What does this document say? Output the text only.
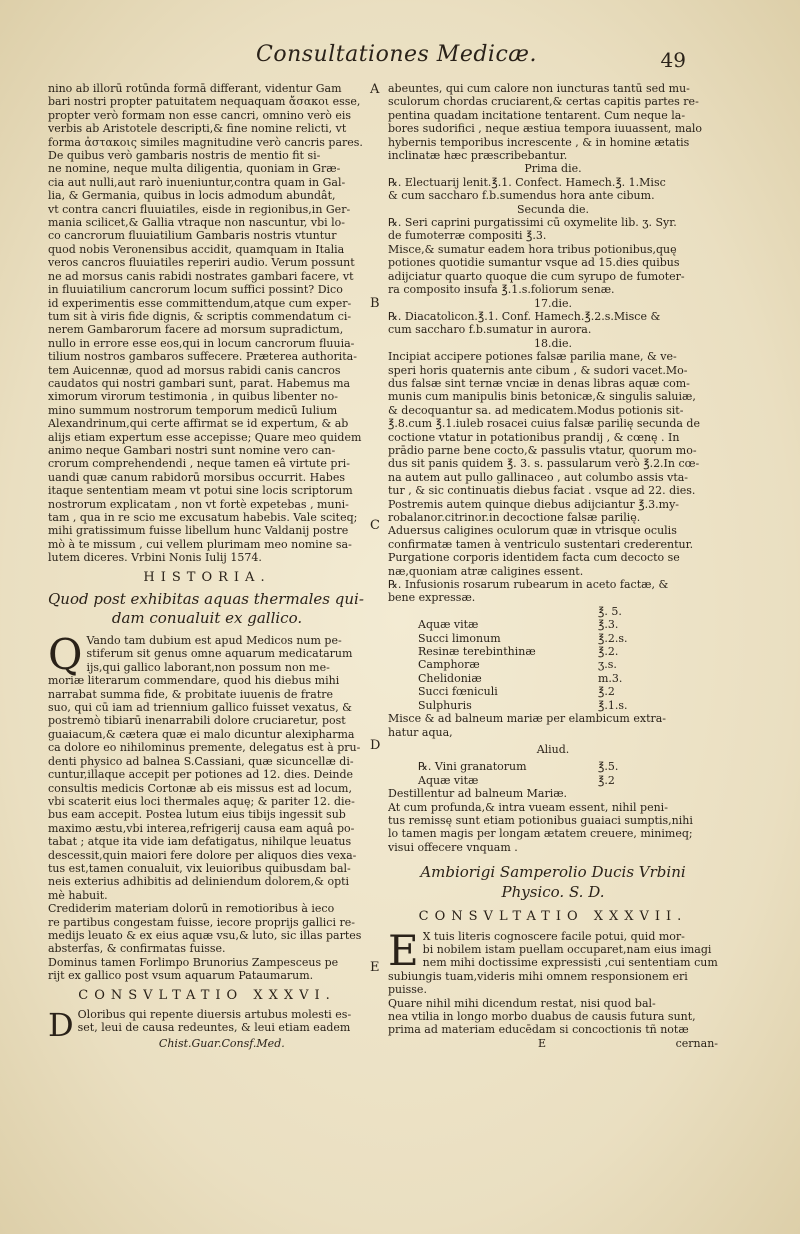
Consultationes Medicæ.	49
A
B
C
D
E
nino ab illorū rotūnda formā differant, videntur Gam
bari nostri propter patuitatem nequaquam ἄσακοι esse,
propter verò formam non esse cancri, omnino verò eis
verbis ab Aristotele descripti,& fine nomine relicti, vt
forma ἀστακοις similes magnitudine verò cancris pares.
De quibus verò gambaris nostris de mentio fit si-
ne nomine, neque multa diligentia, quoniam in Græ-
cia aut nulli,aut rarò inueniuntur,contra quam in Gal-
lia, & Germania, quibus in locis admodum abundât,
vt contra cancri fluuiatiles, eisde in regionibus,in Ger-
mania scilicet,& Gallia vtraque non nascuntur, vbi lo-
co cancrorum fluuiatilium Gambaris nostris vtuntur
quod nobis Veronensibus accidit, quamquam in Italia
veros cancros fluuiatiles reperiri audio. Verum possunt
ne ad morsus canis rabidi nostrates gambari facere, vt
in fluuiatilium cancrorum locum suffici possint? Dico
id experimentis esse committendum,atque cum exper-
tum sit à viris fide dignis, & scriptis commendatum ci-
nerem Gambarorum facere ad morsum supradictum,
nullo in errore esse eos,qui in locum cancrorum fluuia-
tilium nostros gambaros suffecere. Præterea authorita-
tem Auicennæ, quod ad morsus rabidi canis cancros
caudatos qui nostri gambari sunt, parat. Habemus ma
ximorum virorum testimonia , in quibus libenter no-
mino summum nostrorum temporum medicū Iulium
Alexandrinum,qui certe affirmat se id expertum, & ab
alijs etiam expertum esse accepisse; Quare meo quidem
animo neque Gambari nostri sunt nomine vero can-
crorum comprehendendi , neque tamen eâ virtute pri-
uandi quæ canum rabidorū morsibus occurrit. Habes
itaque sententiam meam vt potui sine locis scriptorum
nostrorum explicatam , non vt fortè expetebas , muni-
tam , qua in re scio me excusatum habebis. Vale sciteq;
mihi gratissimum fuisse libellum hunc Valdanij postre
mò à te missum , cui vellem plurimam meo nomine sa-
lutem diceres. Vrbini Nonis Iulij 1574.
HISTORIA.
Quod post exhibitas aquas thermales qui-
dam conualuit ex gallico.
Q Vando tam dubium est apud Medicos num pe-
stiferum sit genus omne aquarum medicatarum
ijs,qui gallico laborant,non possum non me-
moriæ literarum commendare, quod his diebus mihi
narrabat summa fide, & probitate iuuenis de fratre
suo, qui cū iam ad triennium gallico fuisset vexatus, &
postremò tibiarū inenarrabili dolore cruciaretur, post
guaiacum,& cætera quæ ei malo dicuntur alexipharma
ca dolore eo nihilominus premente, delegatus est à pru-
denti physico ad balnea S.Cassiani, quæ sicuncellæ di-
cuntur,illaque accepit per potiones ad 12. dies. Deinde
consultis medicis Cortonæ ab eis missus est ad locum,
vbi scaterit eius loci thermales aquę; & pariter 12. die-
bus eam accepit. Postea lutum eius tibijs ingessit sub
maximo æstu,vbi interea,refrigerij causa eam aquâ po-
tabat ; atque ita vide iam defatigatus, nihilque leuatus
descessit,quin maiori fere dolore per aliquos dies vexa-
tus est,tamen conualuit, vix leuioribus quibusdam bal-
neis exterius adhibitis ad deliniendum dolorem,& opti
mè habuit.
Crediderim materiam dolorū in remotioribus à ieco
re partibus congestam fuisse, iecore proprijs gallici re-
medijs leuato & ex eius aquæ vsu,& luto, sic illas partes
absterfas, & confirmatas fuisse.
Dominus tamen Forlimpo Brunorius Zampesceus pe
rijt ex gallico post vsum aquarum Pataumarum.
CONSVLTATIO XXXVI.
D Oloribus qui repente diuersis artubus molesti es-
set, leui de causa redeuntes, & leui etiam eadem
Chist.Guar.Consf.Med.
abeuntes, qui cum calore non iuncturas tantū sed mu-
sculorum chordas cruciarent,& certas capitis partes re-
pentina quadam incitatione tentarent. Cum neque la-
bores sudorifici , neque æstiua tempora iuuassent, malo
hybernis temporibus increscente , & in homine ætatis
inclinatæ hæc præscribebantur.
Prima die.
℞. Electuarij lenit.℥.1. Confect. Hamech.℥. 1.Misc
& cum saccharo f.b.sumendus hora ante cibum.
Secunda die.
℞. Seri caprini purgatissimi cū oxymelite lib. ʒ. Syr.
de fumoterræ compositi ℥.3.
Misce,& sumatur eadem hora tribus potionibus,quę
potiones quotidie sumantur vsque ad 15.dies quibus
adijciatur quarto quoque die cum syrupo de fumoter-
ra composito insufa ℥.1.s.foliorum senæ.
17.die.
℞. Diacatolicon.℥.1. Conf. Hamech.℥.2.s.Misce &
cum saccharo f.b.sumatur in aurora.
18.die.
Incipiat accipere potiones falsæ parilia mane, & ve-
speri horis quaternis ante cibum , & sudori vacet.Mo-
dus falsæ sint ternæ vnciæ in denas libras aquæ com-
munis cum manipulis binis betonicæ,& singulis saluiæ,
& decoquantur sa. ad medicatem.Modus potionis sit-
℥.8.cum ℥.1.iuleb rosacei cuius falsæ parilię secunda de
coctione vtatur in potationibus prandij , & cœnę . In
prādio parne bene cocto,& passulis vtatur, quorum mo-
dus sit panis quidem ℥. 3. s. passularum verò ℥.2.In cœ-
na autem aut pullo gallinaceo , aut columbo assis vta-
tur , & sic continuatis diebus faciat . vsque ad 22. dies.
Postremis autem quinque diebus adijciantur ℥.3.my-
robalanor.citrinor.in decoctione falsæ parilię.
Aduersus caligines oculorum quæ in vtrisque oculis
confirmatæ tamen à ventriculo sustentari crederentur.
Purgatione corporis identidem facta cum decocto se
næ,quoniam atræ caligines essent.
℞. Infusionis rosarum rubearum in aceto factæ, &
bene expressæ.
℥. 5.
Aquæ vitæ	℥.3.
Succi limonum	℥.2.s.
Resinæ terebinthinæ	℥.2.
Camphoræ	ʒ.s.
Chelidoniæ	m.3.
Succi fœniculi	℥.2
Sulphuris	℥.1.s.
Misce & ad balneum mariæ per elambicum extra-
hatur aqua,
Aliud.
℞. Vini granatorum	℥.5.
Aquæ vitæ	℥.2
Destillentur ad balneum Mariæ.
At cum profunda,& intra vueam essent, nihil peni-
tus remissę sunt etiam potionibus guaiaci sumptis,nihi
lo tamen magis per longam ætatem creuere, minimeq;
visui offecere vnquam .
Ambiorigi Samperolio Ducis Vrbini
Physico. S. D.
CONSVLTATIO XXXVII.
E X tuis literis cognoscere facile potui, quid mor-
bi nobilem istam puellam occuparet,nam eius imagi
nem mihi doctissime expressisti ,cui sententiam cum
subiungis tuam,videris mihi omnem responsionem eri
puisse.
Quare nihil mihi dicendum restat, nisi quod bal-
nea vtilia in longo morbo duabus de causis futura sunt,
prima ad materiam educēdam si concoctionis tñ notæ
E	cernan-
